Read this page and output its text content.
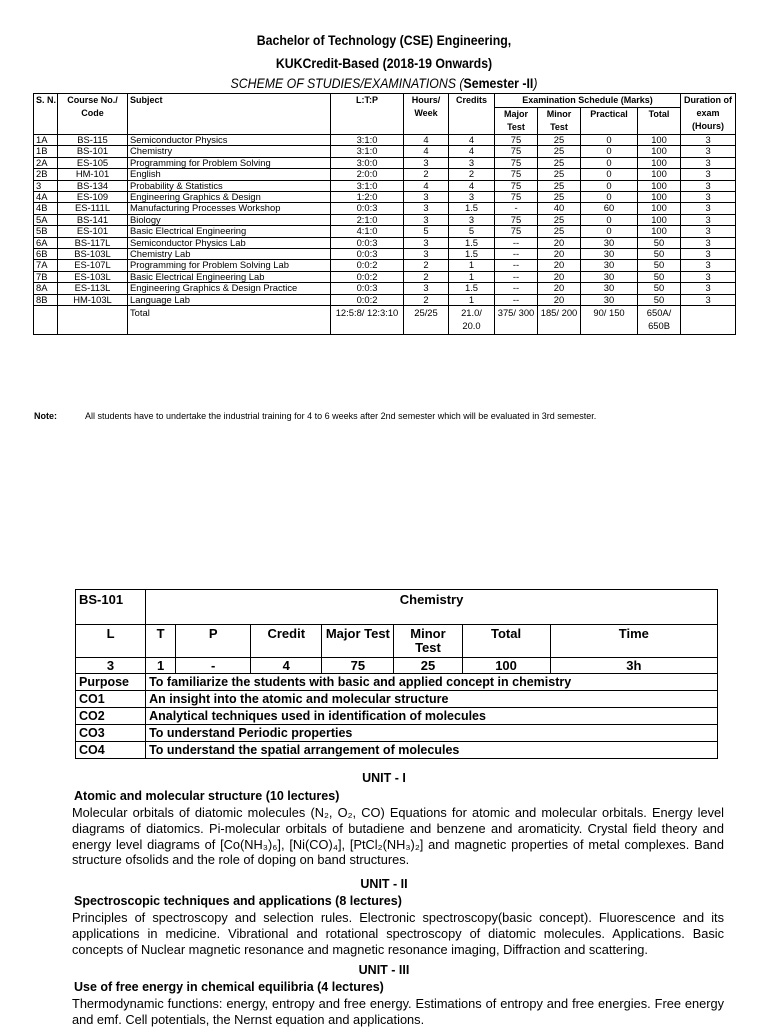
Bachelor of Technology (CSE) Engineering,
KUKCredit-Based (2018-19 Onwards)
SCHEME OF STUDIES/EXAMINATIONS (Semester -II)
S. N.	Course No./ Code	Subject	L:T:P	Hours/ Week	Credits	Examination Schedule (Marks)				Duration of exam (Hours)
						Major Test	Minor Test	Practical	Total	
1A	BS-115	Semiconductor Physics	3:1:0	4	4	75	25	0	100	3
1B	BS-101	Chemistry	3:1:0	4	4	75	25	0	100	3
2A	ES-105	Programming for Problem Solving	3:0:0	3	3	75	25	0	100	3
2B	HM-101	English	2:0:0	2	2	75	25	0	100	3
3	BS-134	Probability & Statistics	3:1:0	4	4	75	25	0	100	3
4A	ES-109	Engineering Graphics & Design	1:2:0	3	3	75	25	0	100	3
4B	ES-111L	Manufacturing Processes Workshop	0:0:3	3	1.5	-	40	60	100	3
5A	BS-141	Biology	2:1:0	3	3	75	25	0	100	3
5B	ES-101	Basic Electrical Engineering	4:1:0	5	5	75	25	0	100	3
6A	BS-117L	Semiconductor Physics Lab	0:0:3	3	1.5	--	20	30	50	3
6B	BS-103L	Chemistry Lab	0:0:3	3	1.5	--	20	30	50	3
7A	ES-107L	Programming for Problem Solving Lab	0:0:2	2	1	--	20	30	50	3
7B	ES-103L	Basic Electrical Engineering Lab	0:0:2	2	1	--	20	30	50	3
8A	ES-113L	Engineering Graphics & Design Practice	0:0:3	3	1.5	--	20	30	50	3
8B	HM-103L	Language Lab	0:0:2	2	1	--	20	30	50	3
		Total	12:5:8/ 12:3:10	25/25	21.0/ 20.0	375/ 300	185/ 200	90/ 150	650A/ 650B	
Note:	All students have to undertake the industrial training for 4 to 6 weeks after 2nd semester which will be evaluated in 3rd semester.
BS-101	Chemistry						
L	T	P	Credit	Major Test	Minor Test	Total	Time
3	1	-	4	75	25	100	3h
Purpose	To familiarize the students with basic and applied concept in chemistry						
CO1	An insight into the atomic and molecular structure						
CO2	Analytical techniques used in identification of molecules						
CO3	To understand Periodic properties						
CO4	To understand the spatial arrangement of molecules						
UNIT - I
Atomic and molecular structure (10 lectures)
Molecular orbitals of diatomic molecules (N₂, O₂, CO) Equations for atomic and molecular orbitals. Energy level diagrams of diatomics. Pi-molecular orbitals of butadiene and benzene and aromaticity. Crystal field theory and energy level diagrams of [Co(NH₃)₆], [Ni(CO)₄], [PtCl₂(NH₃)₂] and magnetic properties of metal complexes. Band structure ofsolids and the role of doping on band structures.
UNIT - II
Spectroscopic techniques and applications (8 lectures)
Principles of spectroscopy and selection rules. Electronic spectroscopy(basic concept). Fluorescence and its applications in medicine. Vibrational and rotational spectroscopy of diatomic molecules. Applications. Basic concepts of Nuclear magnetic resonance and magnetic resonance imaging, Diffraction and scattering.
UNIT - III
Use of free energy in chemical equilibria (4 lectures)
Thermodynamic functions: energy, entropy and free energy. Estimations of entropy and free energies. Free energy and emf. Cell potentials, the Nernst equation and applications.
